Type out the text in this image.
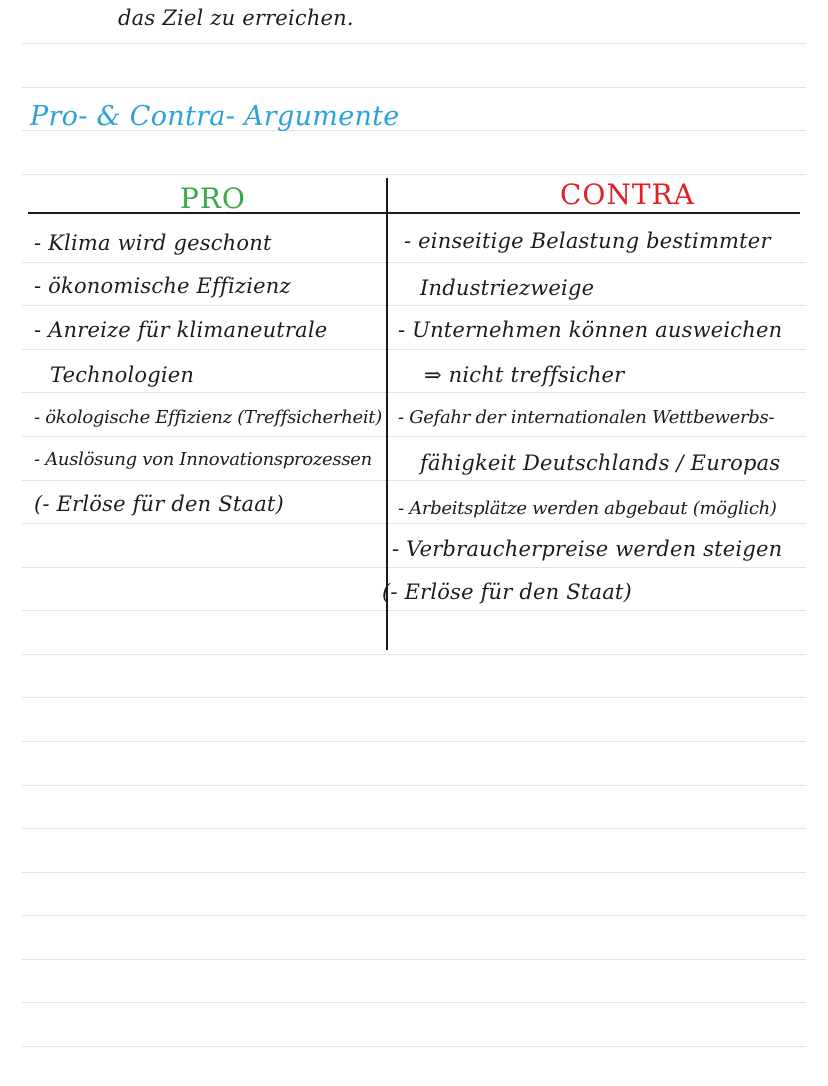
das Ziel zu erreichen.
Pro- & Contra- Argumente
PRO	CONTRA
- Klima wird geschont
- ökonomische Effizienz
- Anreize für klimaneutrale
Technologien
- ökologische Effizienz (Treffsicherheit)
- Auslösung von Innovationsprozessen
(- Erlöse für den Staat)
- einseitige Belastung bestimmter
Industriezweige
- Unternehmen können ausweichen
⇒ nicht treffsicher
- Gefahr der internationalen Wettbewerbs-
fähigkeit Deutschlands / Europas
- Arbeitsplätze werden abgebaut (möglich)
- Verbraucherpreise werden steigen
(- Erlöse für den Staat)
